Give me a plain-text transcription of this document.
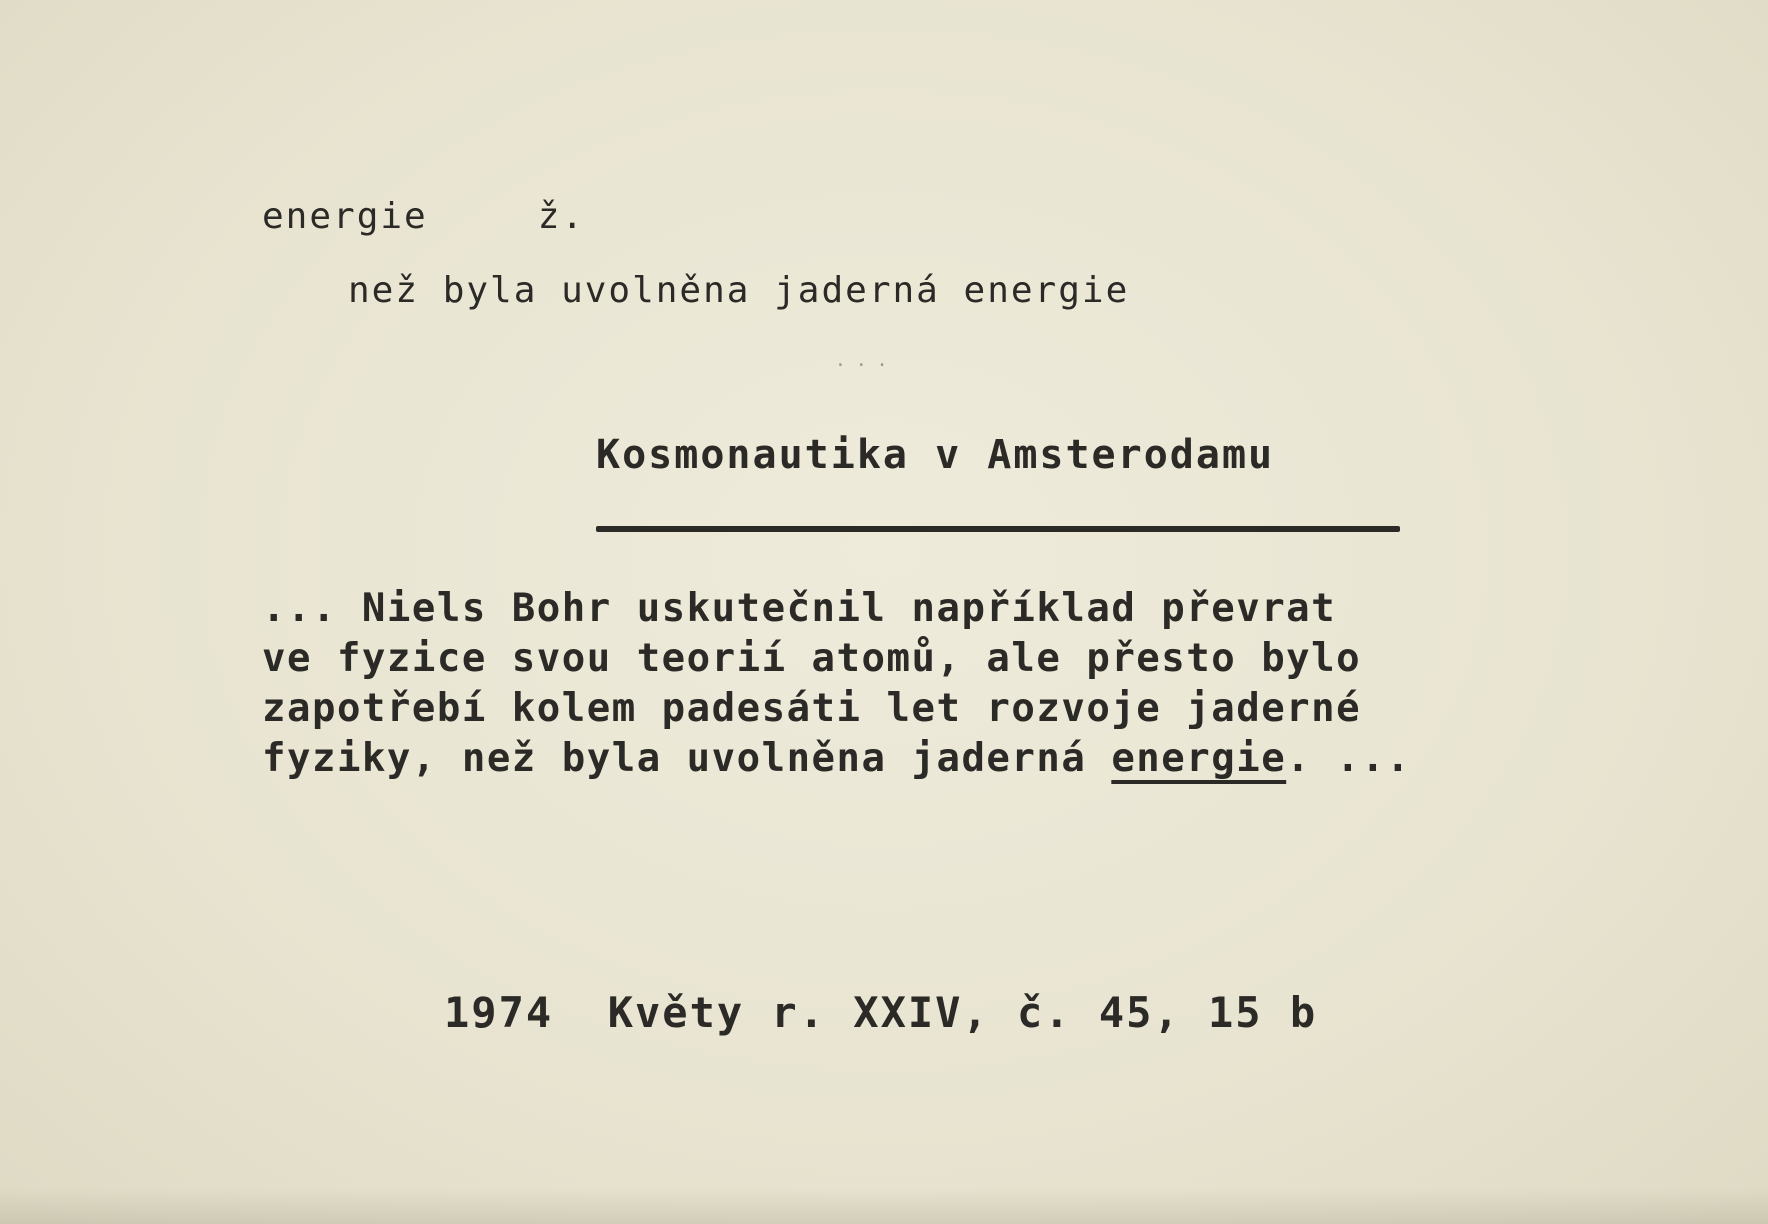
energie	ž.
než byla uvolněna jaderná energie
...
Kosmonautika v Amsterodamu
... Niels Bohr uskutečnil například převrat
ve fyzice svou teorií atomů, ale přesto bylo
zapotřebí kolem padesáti let rozvoje jaderné
fyziky, než byla uvolněna jaderná energie. ...
1974  Květy r. XXIV, č. 45, 15 b
